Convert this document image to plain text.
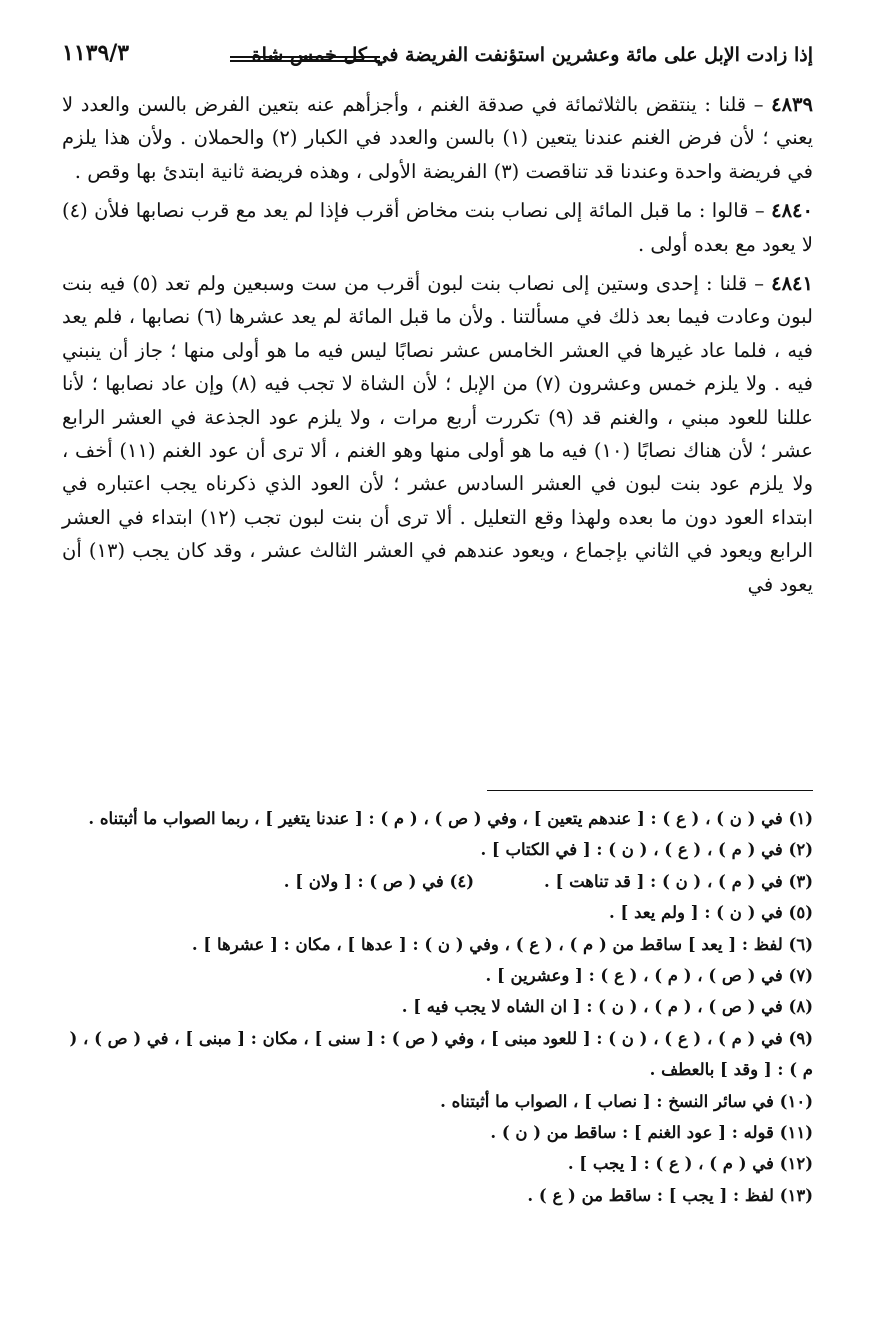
إذا زادت الإبل على مائة وعشرين استؤنفت الفريضة في كل خمس شاة
١١٣٩/٣

٤٨٣٩ – قلنا : ينتقض بالثلاثمائة في صدقة الغنم ، وأجزأهم عنه بتعين الفرض بالسن والعدد لا يعني ؛ لأن فرض الغنم عندنا يتعين (١) بالسن والعدد في الكبار (٢) والحملان . ولأن هذا يلزم في فريضة واحدة وعندنا قد تناقصت (٣) الفريضة الأولى ، وهذه فريضة ثانية ابتدئ بها وقص .

٤٨٤٠ – قالوا : ما قبل المائة إلى نصاب بنت مخاض أقرب فإذا لم يعد مع قرب نصابها فلأن (٤) لا يعود مع بعده أولى .

٤٨٤١ – قلنا : إحدى وستين إلى نصاب بنت لبون أقرب من ست وسبعين ولم تعد (٥) فيه بنت لبون وعادت فيما بعد ذلك في مسألتنا . ولأن ما قبل المائة لم يعد عشرها (٦) نصابها ، فلم يعد فيه ، فلما عاد غيرها في العشر الخامس عشر نصابًا ليس فيه ما هو أولى منها ؛ جاز أن ينبني فيه . ولا يلزم خمس وعشرون (٧) من الإبل ؛ لأن الشاة لا تجب فيه (٨) وإن عاد نصابها ؛ لأنا عللنا للعود مبني ، والغنم قد (٩) تكررت أربع مرات ، ولا يلزم عود الجذعة في العشر الرابع عشر ؛ لأن هناك نصابًا (١٠) فيه ما هو أولى منها وهو الغنم ، ألا ترى أن عود الغنم (١١) أخف ، ولا يلزم عود بنت لبون في العشر السادس عشر ؛ لأن العود الذي ذكرناه يجب اعتباره في ابتداء العود دون ما بعده ولهذا وقع التعليل . ألا ترى أن بنت لبون تجب (١٢) ابتداء في العشر الرابع ويعود في الثاني بإجماع ، ويعود عندهم في العشر الثالث عشر ، وقد كان يجب (١٣) أن يعود في

(١) في ( ن ) ، ( ع ) : [ عندهم يتعين ] ، وفي ( ص ) ، ( م ) : [ عندنا يتغير ] ، ربما الصواب ما أثبتناه .

(٢) في ( م ) ، ( ع ) ، ( ن ) : [ في الكتاب ] .

(٣) في ( م ) ، ( ن ) : [ قد تناهت ] .

(٤) في ( ص ) : [ ولان ] .

(٥) في ( ن ) : [ ولم يعد ] .

(٦) لفظ : [ يعد ] ساقط من ( م ) ، ( ع ) ، وفي ( ن ) : [ عدها ] ، مكان : [ عشرها ] .

(٧) في ( ص ) ، ( م ) ، ( ع ) : [ وعشرين ] .

(٨) في ( ص ) ، ( م ) ، ( ن ) : [ ان الشاه لا يجب فيه ] .

(٩) في ( م ) ، ( ع ) ، ( ن ) : [ للعود مبنى ] ، وفي ( ص ) : [ سنى ] ، مكان : [ مبنى ] ، في ( ص ) ، ( م ) : [ وقد ] بالعطف .

(١٠) في سائر النسخ : [ نصاب ] ، الصواب ما أثبتناه .

(١١) قوله : [ عود الغنم ] : ساقط من ( ن ) .

(١٢) في ( م ) ، ( ع ) : [ يجب ] .

(١٣) لفظ : [ يجب ] : ساقط من ( ع ) .
